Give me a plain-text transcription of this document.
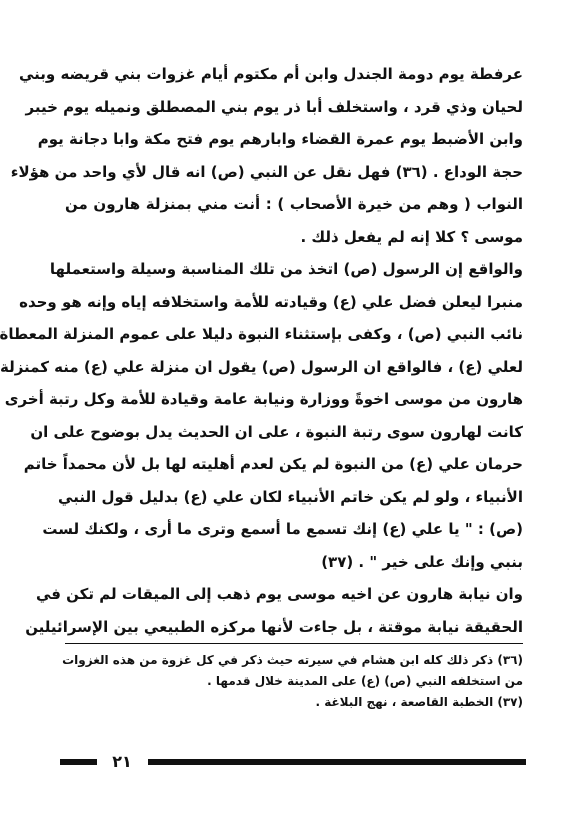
عرفطة يوم دومة الجندل وابن أم مكتوم أيام غزوات بني قريضه وبني
لحيان وذي قرد ، واستخلف أبا ذر يوم بني المصطلق ونميله يوم خيبر
وابن الأضبط يوم عمرة القضاء وابارهم يوم فتح مكة وابا دجانة يوم
حجة الوداع . (٣٦) فهل نقل عن النبي (ص) انه قال لأي واحد من هؤلاء
النواب ( وهم من خيرة الأصحاب ) : أنت مني بمنزلة هارون من
موسى ؟ كلا إنه لم يفعل ذلك .
والواقع إن الرسول (ص) اتخذ من تلك المناسبة وسيلة واستعملها
منبرا ليعلن فضل علي (ع) وقيادته للأمة واستخلافه إياه وإنه هو وحده
نائب النبي (ص) ، وكفى بإستثناء النبوة دليلا على عموم المنزلة المعطاة
لعلي (ع) ، فالواقع ان الرسول (ص) يقول ان منزلة علي (ع) منه كمنزلة
هارون من موسى اخوةً ووزارة ونيابة عامة وقيادة للأمة وكل رتبة أخرى
كانت لهارون سوى رتبة النبوة ، على ان الحديث يدل بوضوح على ان
حرمان علي (ع) من النبوة لم يكن لعدم أهليته لها بل لأن محمداً خاتم
الأنبياء ، ولو لم يكن خاتم الأنبياء لكان علي (ع) بدليل قول النبي
(ص) : " يا علي (ع) إنك تسمع ما أسمع وترى ما أرى ، ولكنك لست
بنبي وإنك على خير " . (٣٧)
وان نيابة هارون عن اخيه موسى يوم ذهب إلى الميقات لم تكن في
الحقيقة نيابة موقتة ، بل جاءت لأنها مركزه الطبيعي بين الإسرائيلين
(٣٦) ذكر ذلك كله ابن هشام في سيرته حيث ذكر في كل غزوة من هذه الغزوات
من استخلفه النبي (ص) (ع) على المدينة خلال قدمها .
(٣٧) الخطبة القاصعة ، نهج البلاغة .
٢١
